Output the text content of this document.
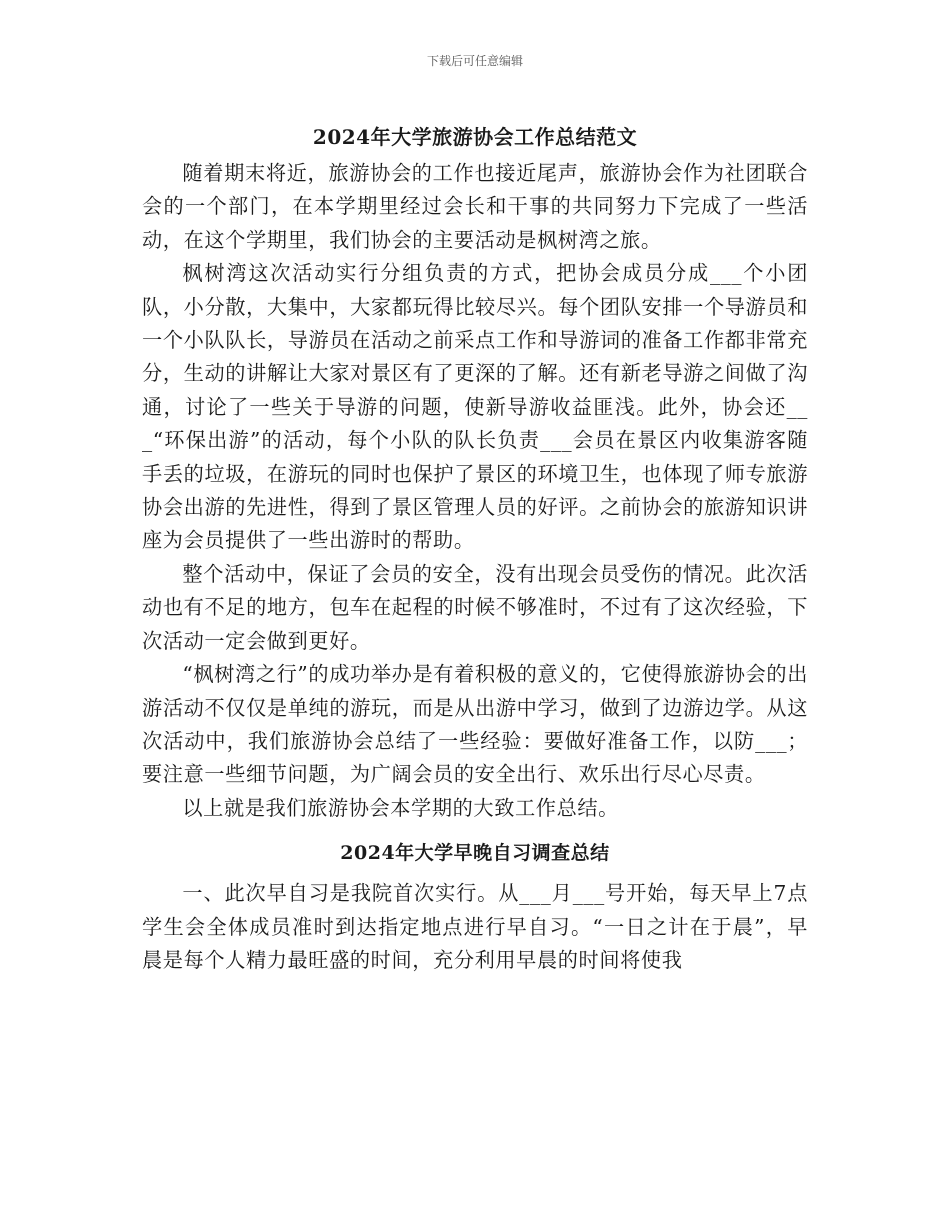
下载后可任意编辑
2024年大学旅游协会工作总结范文

随着期末将近，旅游协会的工作也接近尾声，旅游协会作为社团联合会的一个部门，在本学期里经过会长和干事的共同努力下完成了一些活动，在这个学期里，我们协会的主要活动是枫树湾之旅。

枫树湾这次活动实行分组负责的方式，把协会成员分成___个小团队，小分散，大集中，大家都玩得比较尽兴。每个团队安排一个导游员和一个小队队长，导游员在活动之前采点工作和导游词的准备工作都非常充分，生动的讲解让大家对景区有了更深的了解。还有新老导游之间做了沟通，讨论了一些关于导游的问题，使新导游收益匪浅。此外，协会还___“环保出游”的活动，每个小队的队长负责___会员在景区内收集游客随手丢的垃圾，在游玩的同时也保护了景区的环境卫生，也体现了师专旅游协会出游的先进性，得到了景区管理人员的好评。之前协会的旅游知识讲座为会员提供了一些出游时的帮助。

整个活动中，保证了会员的安全，没有出现会员受伤的情况。此次活动也有不足的地方，包车在起程的时候不够准时，不过有了这次经验，下次活动一定会做到更好。

“枫树湾之行”的成功举办是有着积极的意义的，它使得旅游协会的出游活动不仅仅是单纯的游玩，而是从出游中学习，做到了边游边学。从这次活动中，我们旅游协会总结了一些经验：要做好准备工作，以防___；要注意一些细节问题，为广阔会员的安全出行、欢乐出行尽心尽责。

以上就是我们旅游协会本学期的大致工作总结。

2024年大学早晚自习调查总结

一、此次早自习是我院首次实行。从___月___号开始，每天早上7点学生会全体成员准时到达指定地点进行早自习。“一日之计在于晨”，早晨是每个人精力最旺盛的时间，充分利用早晨的时间将使我
